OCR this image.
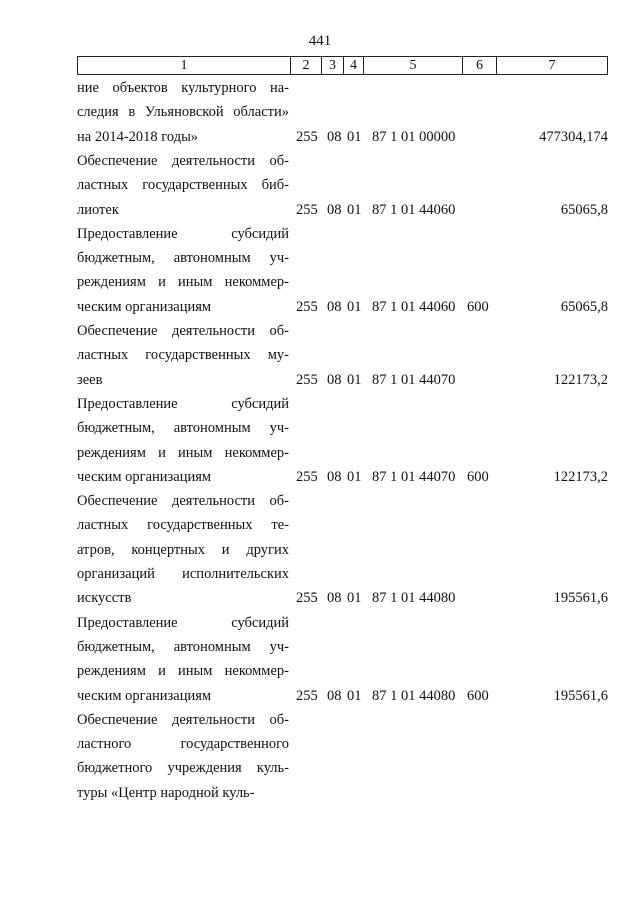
441
1	2	3	4	5	6	7
ние объектов культурного на-
следия в Ульяновской области»
на 2014-2018 годы»	255 08 01 87 1 01 00000	477304,174
Обеспечение деятельности об-
ластных государственных биб-
лиотек	255 08 01 87 1 01 44060	65065,8
Предоставление субсидий
бюджетным, автономным уч-
реждениям и иным некоммер-
ческим организациям	255 08 01 87 1 01 44060 600	65065,8
Обеспечение деятельности об-
ластных государственных му-
зеев	255 08 01 87 1 01 44070	122173,2
Предоставление субсидий
бюджетным, автономным уч-
реждениям и иным некоммер-
ческим организациям	255 08 01 87 1 01 44070 600	122173,2
Обеспечение деятельности об-
ластных государственных те-
атров, концертных и других
организаций исполнительских
искусств	255 08 01 87 1 01 44080	195561,6
Предоставление субсидий
бюджетным, автономным уч-
реждениям и иным некоммер-
ческим организациям	255 08 01 87 1 01 44080 600	195561,6
Обеспечение деятельности об-
ластного государственного
бюджетного учреждения куль-
туры «Центр народной куль-
